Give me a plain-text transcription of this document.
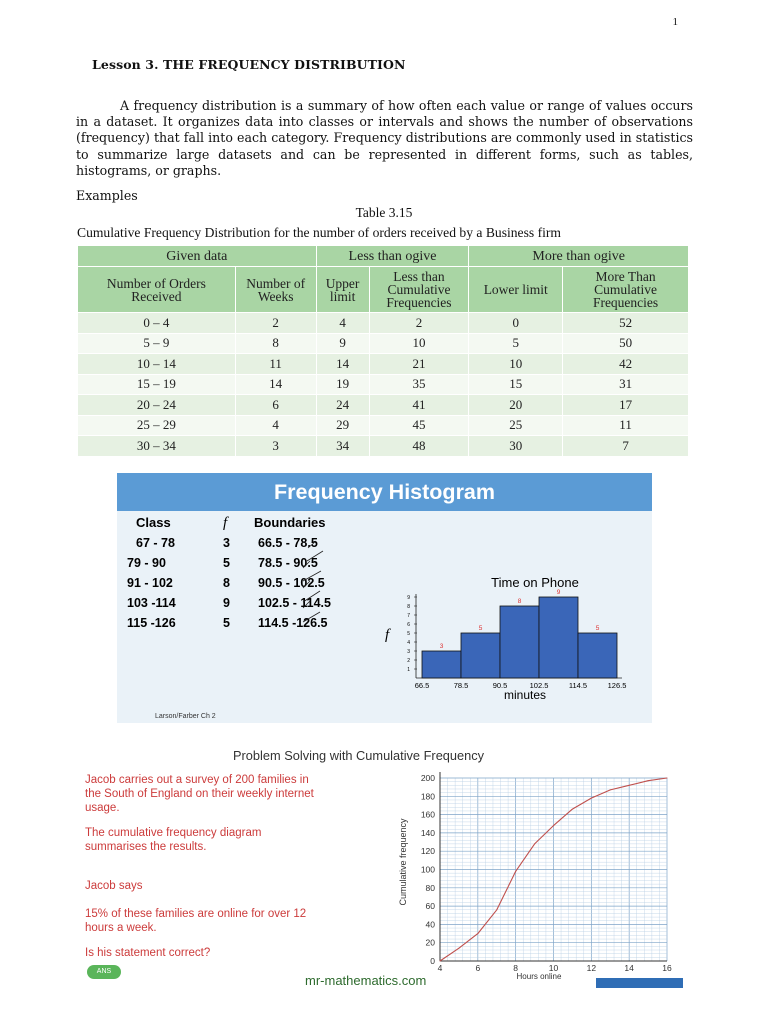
1
Lesson 3. THE FREQUENCY DISTRIBUTION
A frequency distribution is a summary of how often each value or range of values occurs in a dataset. It organizes data into classes or intervals and shows the number of observations (frequency) that fall into each category. Frequency distributions are commonly used in statistics to summarize large datasets and can be represented in different forms, such as tables, histograms, or graphs.
Examples
Table 3.15
Cumulative Frequency Distribution for the number of orders received by a Business firm
Given data		Less than ogive		More than ogive	
Number of Orders Received	Number of Weeks	Upper limit	Less than Cumulative Frequencies	Lower limit	More Than Cumulative Frequencies
0 – 4	2	4	2	0	52
5 – 9	8	9	10	5	50
10 – 14	11	14	21	10	42
15 – 19	14	19	35	15	31
20 – 24	6	24	41	20	17
25 – 29	4	29	45	25	11
30 – 34	3	34	48	30	7
Frequency Histogram
Class	f Boundaries
67 - 78	3 66.5 - 78.5
79 - 90	5 78.5 - 90.5
91 - 102	8 90.5 - 102.5
103 -114	9 102.5 - 114.5
115 -126	5 114.5 -126.5
Time on Phone
f
minutes
1
2
3
4
5
6
7
8
9
3
5
8
9
5
66.5	78.5	90.5	102.5	114.5	126.5
Larson/Farber Ch 2
Problem Solving with Cumulative Frequency
Jacob carries out a survey of 200 families in
the South of England on their weekly internet
usage.
The cumulative frequency diagram
summarises the results.
Jacob says
15% of these families are online for over 12
hours a week.
Is his statement correct?
0
20
40
60
80
100
120
140
160
180
200
4	6	8	10	12	14	16
Cumulative frequency
Hours online
ANS
mr-mathematics.com
